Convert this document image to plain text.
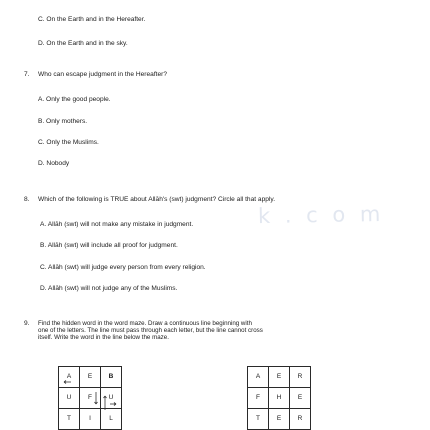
C. On the Earth and in the Hereafter.
D. On the Earth and in the sky.
7. Who can escape judgment in the Hereafter?
A. Only the good people.
B. Only mothers.
C. Only the Muslims.
D. Nobody
8. Which of the following is TRUE about Allāh's (swt) judgment? Circle all that apply.
k . c o m
A. Allāh (swt) will not make any mistake in judgment.
B. Allāh (swt) will include all proof for judgment.
C. Allāh (swt) will judge every person from every religion.
D. Allāh (swt) will not judge any of the Muslims.
9. Find the hidden word in the word maze. Draw a continuous line beginning with
one of the letters. The line must pass through each letter, but the line cannot cross
itself. Write the word in the line below the maze.
A	E	B
U	F	U
T	I	L
A	E	R
F	H	E
T	E	R
